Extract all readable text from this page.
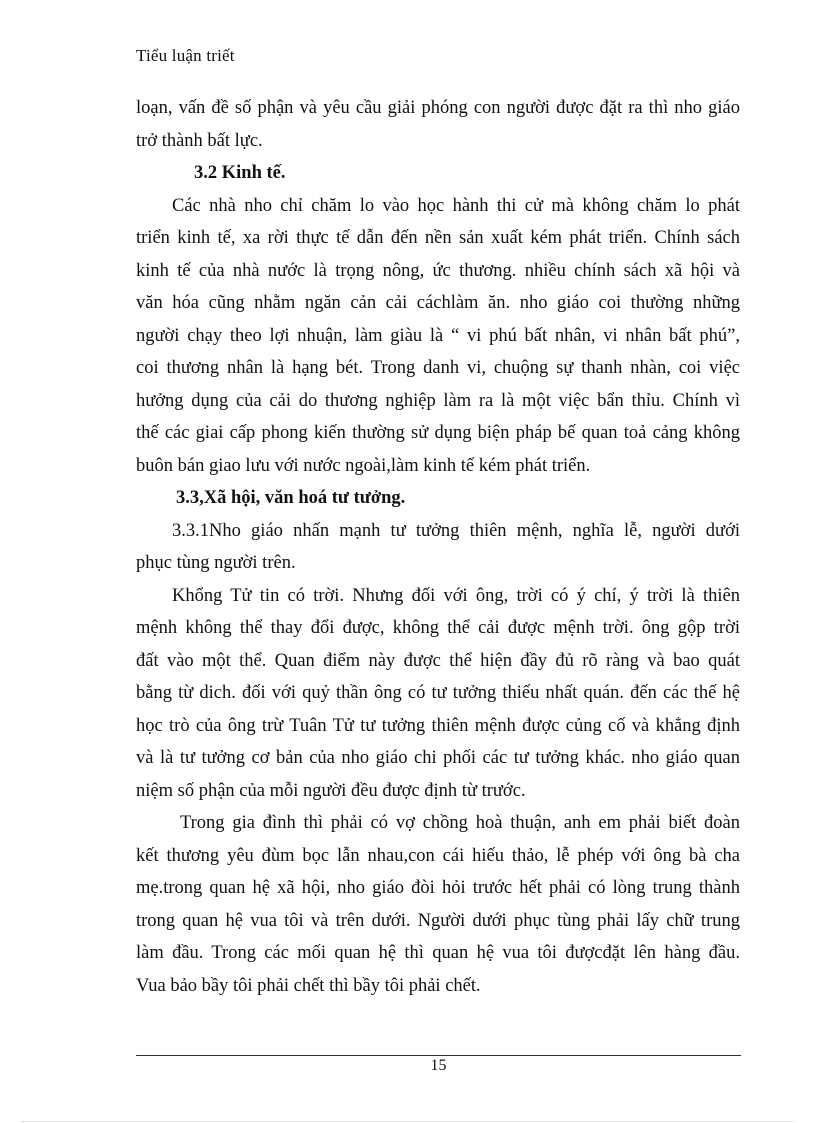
Tiểu luận triết
loạn, vấn đề số phận và yêu cầu giải phóng con người được đặt ra thì nho giáo
trở thành bất lực.
3.2 Kinh tế.
Các nhà nho chỉ chăm lo vào học hành thi cử mà không chăm lo phát
triển kinh tế, xa rời thực tế dẫn đến nền sản xuất kém phát triển. Chính sách
kinh tế của nhà nước là trọng nông, ức thương. nhiều chính sách xã hội và
văn hóa cũng nhằm ngăn cản cải cáchlàm ăn. nho giáo coi thường những
người chạy theo lợi nhuận, làm giàu là “ vi phú bất nhân, vi nhân bất phú”,
coi thương nhân là hạng bét. Trong danh vi, chuộng sự thanh nhàn, coi việc
hưởng dụng của cải do thương nghiệp làm ra là một việc bẩn thỉu. Chính vì
thế các giai cấp phong kiến thường sử dụng biện pháp bế quan toả cảng không
buôn bán giao lưu với nước ngoài,làm kinh tế kém phát triển.
3.3,Xã hội, văn hoá tư tưởng.
3.3.1Nho giáo nhấn mạnh tư tưởng thiên mệnh, nghĩa lễ, người dưới
phục tùng người trên.
Khổng Tử tin có trời. Nhưng đối với ông, trời có ý chí, ý trời là thiên
mệnh không thể thay đổi được, không thể cải được mệnh trời. ông gộp trời
đất vào một thể. Quan điểm này được thể hiện đầy đủ rõ ràng và bao quát
bằng từ dich. đối với quỷ thần ông có tư tưởng thiếu nhất quán. đến các thế hệ
học trò của ông trừ Tuân Tử tư tưởng thiên mệnh được củng cố và khẳng định
và là tư tưởng cơ bản của nho giáo chi phối các tư tưởng khác. nho giáo quan
niệm số phận của mỗi người đều được định từ trước.
Trong gia đình thì phải có vợ chồng hoà thuận, anh em phải biết đoàn
kết thương yêu đùm bọc lẫn nhau,con cái hiếu thảo, lễ phép với ông bà cha
mẹ.trong quan hệ xã hội, nho giáo đòi hỏi trước hết phải có lòng trung thành
trong quan hệ vua tôi và trên dưới. Người dưới phục tùng phải lấy chữ trung
làm đầu. Trong các mối quan hệ thì quan hệ vua tôi đượcđặt lên hàng đầu.
Vua bảo bầy tôi phải chết thì bầy tôi phải chết.
15
